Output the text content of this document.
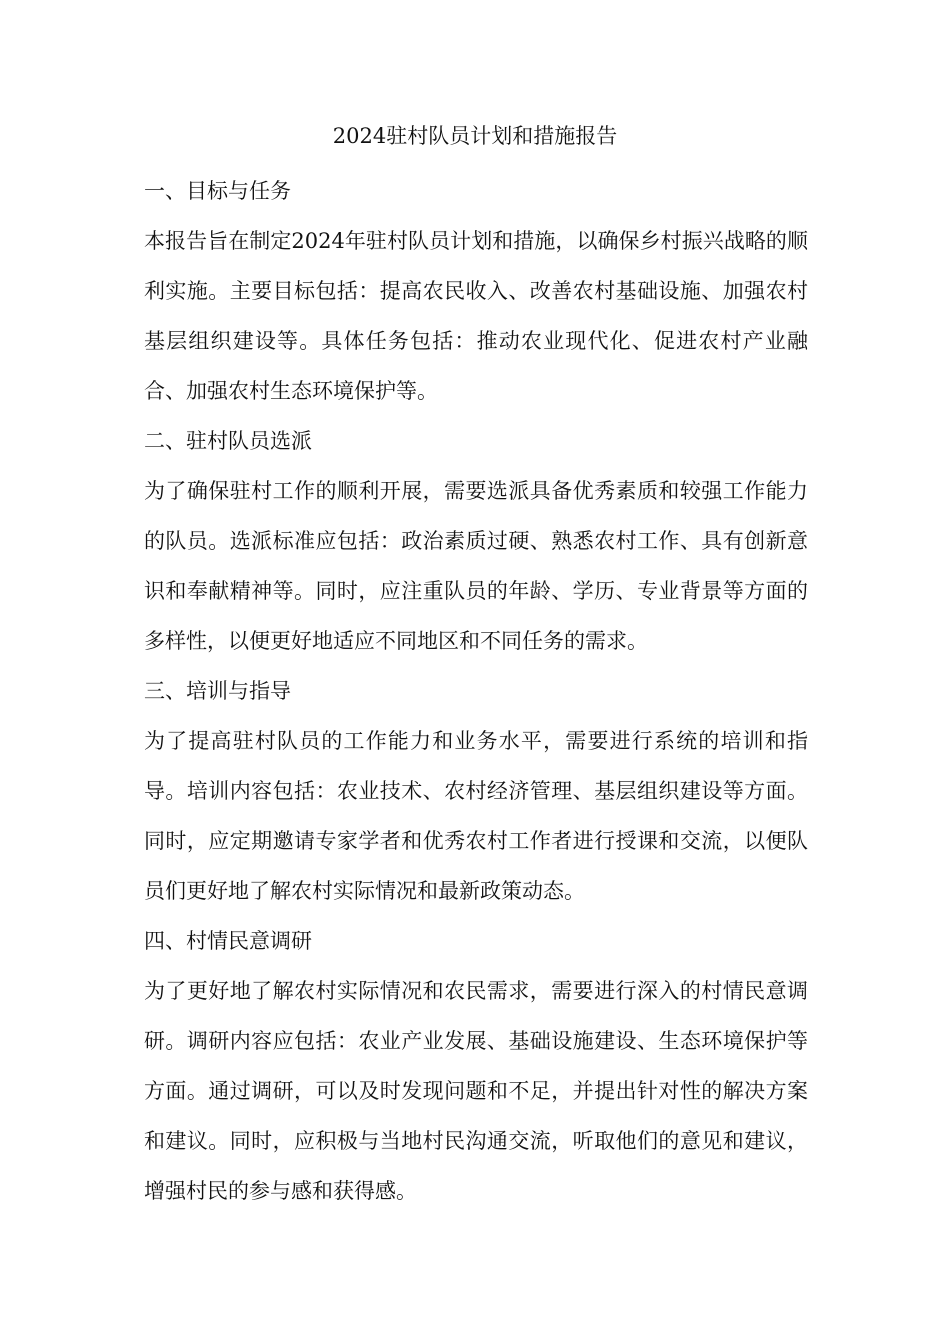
2024驻村队员计划和措施报告

一、目标与任务

本报告旨在制定2024年驻村队员计划和措施，以确保乡村振兴战略的顺利实施。主要目标包括：提高农民收入、改善农村基础设施、加强农村基层组织建设等。具体任务包括：推动农业现代化、促进农村产业融合、加强农村生态环境保护等。

二、驻村队员选派

为了确保驻村工作的顺利开展，需要选派具备优秀素质和较强工作能力的队员。选派标准应包括：政治素质过硬、熟悉农村工作、具有创新意识和奉献精神等。同时，应注重队员的年龄、学历、专业背景等方面的多样性，以便更好地适应不同地区和不同任务的需求。

三、培训与指导

为了提高驻村队员的工作能力和业务水平，需要进行系统的培训和指导。培训内容包括：农业技术、农村经济管理、基层组织建设等方面。同时，应定期邀请专家学者和优秀农村工作者进行授课和交流，以便队员们更好地了解农村实际情况和最新政策动态。

四、村情民意调研

为了更好地了解农村实际情况和农民需求，需要进行深入的村情民意调研。调研内容应包括：农业产业发展、基础设施建设、生态环境保护等方面。通过调研，可以及时发现问题和不足，并提出针对性的解决方案和建议。同时，应积极与当地村民沟通交流，听取他们的意见和建议，增强村民的参与感和获得感。
